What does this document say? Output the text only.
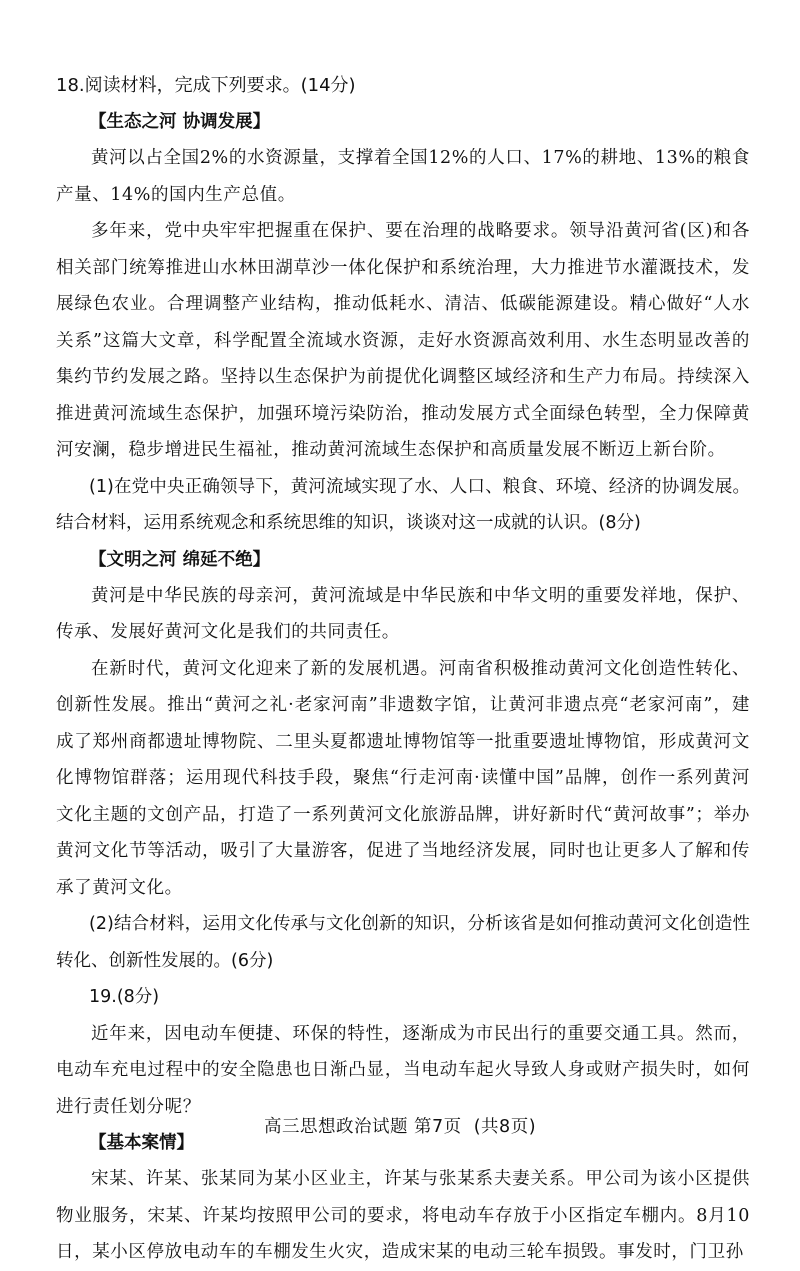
18.阅读材料，完成下列要求。(14分)

【生态之河 协调发展】

黄河以占全国2%的水资源量，支撑着全国12%的人口、17%的耕地、13%的粮食产量、14%的国内生产总值。

多年来，党中央牢牢把握重在保护、要在治理的战略要求。领导沿黄河省(区)和各相关部门统筹推进山水林田湖草沙一体化保护和系统治理，大力推进节水灌溉技术，发展绿色农业。合理调整产业结构，推动低耗水、清洁、低碳能源建设。精心做好“人水关系”这篇大文章，科学配置全流域水资源，走好水资源高效利用、水生态明显改善的集约节约发展之路。坚持以生态保护为前提优化调整区域经济和生产力布局。持续深入推进黄河流域生态保护，加强环境污染防治，推动发展方式全面绿色转型，全力保障黄河安澜，稳步增进民生福祉，推动黄河流域生态保护和高质量发展不断迈上新台阶。

(1)在党中央正确领导下，黄河流域实现了水、人口、粮食、环境、经济的协调发展。结合材料，运用系统观念和系统思维的知识，谈谈对这一成就的认识。(8分)

【文明之河 绵延不绝】

黄河是中华民族的母亲河，黄河流域是中华民族和中华文明的重要发祥地，保护、传承、发展好黄河文化是我们的共同责任。

在新时代，黄河文化迎来了新的发展机遇。河南省积极推动黄河文化创造性转化、创新性发展。推出“黄河之礼·老家河南”非遗数字馆，让黄河非遗点亮“老家河南”，建成了郑州商都遗址博物院、二里头夏都遗址博物馆等一批重要遗址博物馆，形成黄河文化博物馆群落；运用现代科技手段，聚焦“行走河南·读懂中国”品牌，创作一系列黄河文化主题的文创产品，打造了一系列黄河文化旅游品牌，讲好新时代“黄河故事”；举办黄河文化节等活动，吸引了大量游客，促进了当地经济发展，同时也让更多人了解和传承了黄河文化。

(2)结合材料，运用文化传承与文化创新的知识，分析该省是如何推动黄河文化创造性转化、创新性发展的。(6分)

19.(8分)

近年来，因电动车便捷、环保的特性，逐渐成为市民出行的重要交通工具。然而，电动车充电过程中的安全隐患也日渐凸显，当电动车起火导致人身或财产损失时，如何进行责任划分呢？

【基本案情】

宋某、许某、张某同为某小区业主，许某与张某系夫妻关系。甲公司为该小区提供物业服务，宋某、许某均按照甲公司的要求，将电动车存放于小区指定车棚内。8月10日，某小区停放电动车的车棚发生火灾，造成宋某的电动三轮车损毁。事发时，门卫孙

高三思想政治试题 第7页 (共8页)
